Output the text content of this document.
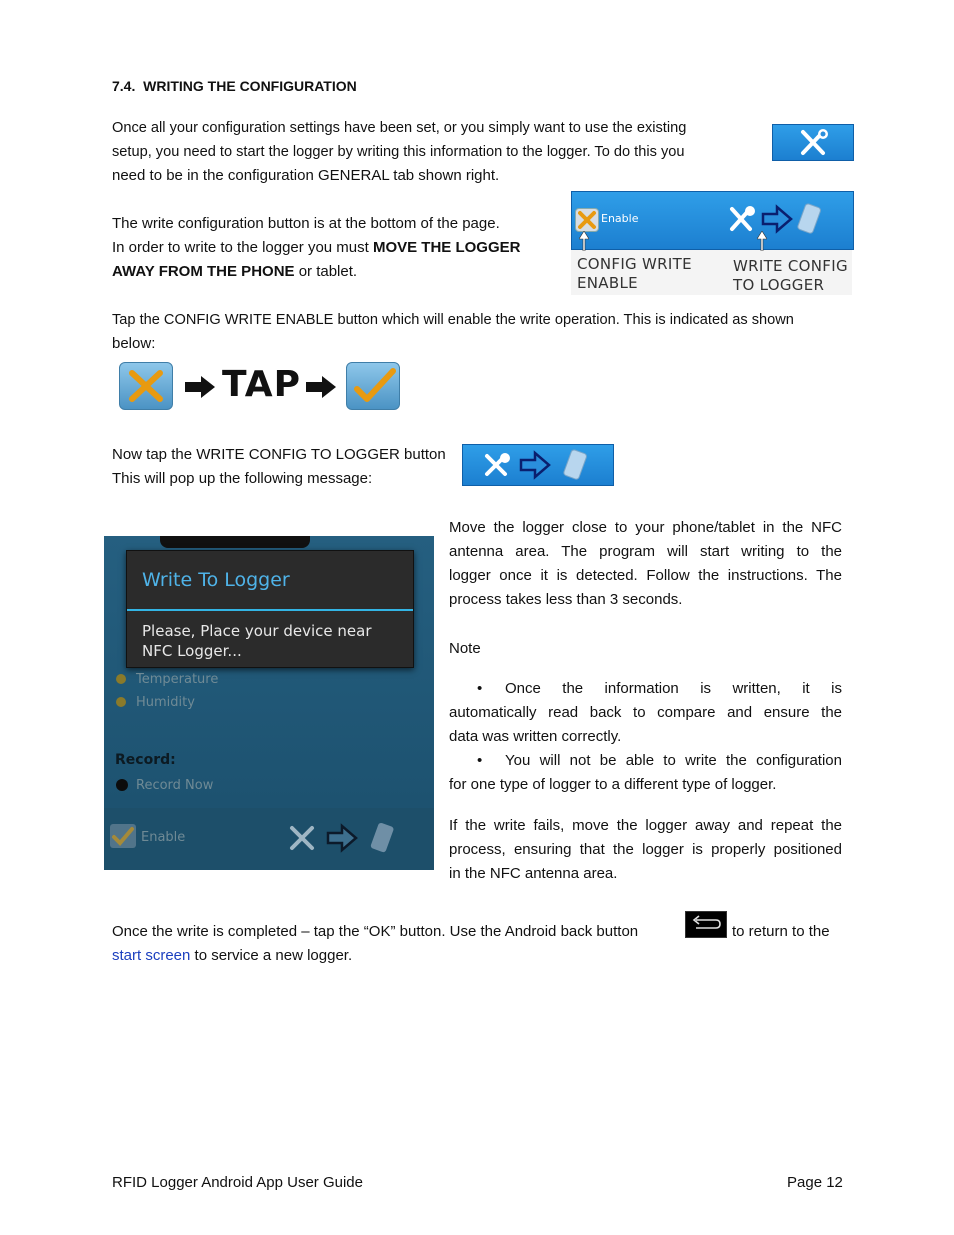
7.4. WRITING THE CONFIGURATION
Once all your configuration settings have been set, or you simply want to use the existing
setup, you need to start the logger by writing this information to the logger. To do this you
need to be in the configuration GENERAL tab shown right.
The write configuration button is at the bottom of the page.
In order to write to the logger you must MOVE THE LOGGER
AWAY FROM THE PHONE or tablet.
Enable
CONFIG WRITE
ENABLE
WRITE CONFIG
TO LOGGER
Tap the CONFIG WRITE ENABLE button which will enable the write operation. This is indicated as shown
below:
TAP
Now tap the WRITE CONFIG TO LOGGER button
This will pop up the following message:
Write To Logger
Please, Place your device near
NFC Logger...
Temperature
Humidity
Record:
Record Now
Enable
Move the logger close to your phone/tablet in the NFC
antenna area. The program will start writing to the
logger once it is detected. Follow the instructions. The
process takes less than 3 seconds.
Note
•	Once the information is written, it is
automatically read back to compare and ensure the
data was written correctly.
•	You will not be able to write the configuration
for one type of logger to a different type of logger.
If the write fails, move the logger away and repeat the
process, ensuring that the logger is properly positioned
in the NFC antenna area.
Once the write is completed – tap the “OK” button. Use the Android back button	to return to the
start screen to service a new logger.
RFID Logger Android App User Guide	Page 12
